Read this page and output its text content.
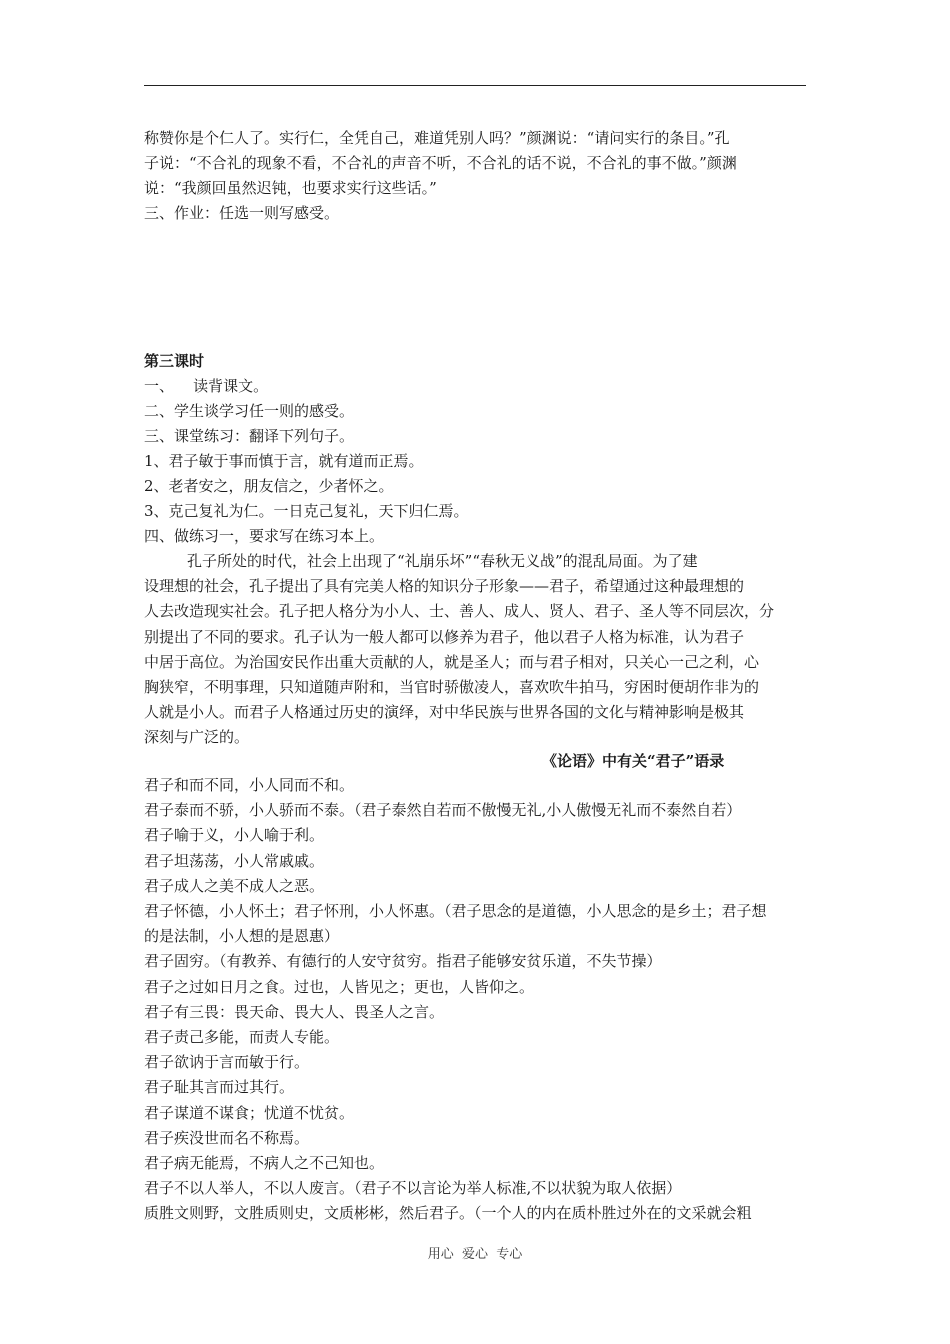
称赞你是个仁人了。实行仁，全凭自己，难道凭别人吗？”颜渊说：“请问实行的条目。”孔

子说：“不合礼的现象不看，不合礼的声音不听，不合礼的话不说，不合礼的事不做。”颜渊

说：“我颜回虽然迟钝，也要求实行这些话。”

三、作业：任选一则写感受。

第三课时

一、    读背课文。

二、学生谈学习任一则的感受。

三、课堂练习：翻译下列句子。

1、君子敏于事而慎于言，就有道而正焉。

2、老者安之，朋友信之，少者怀之。

3、克己复礼为仁。一日克己复礼，天下归仁焉。

四、做练习一，要求写在练习本上。

孔子所处的时代，社会上出现了“礼崩乐坏”“春秋无义战”的混乱局面。为了建

设理想的社会，孔子提出了具有完美人格的知识分子形象——君子，希望通过这种最理想的

人去改造现实社会。孔子把人格分为小人、士、善人、成人、贤人、君子、圣人等不同层次，分

别提出了不同的要求。孔子认为一般人都可以修养为君子，他以君子人格为标准，认为君子

中居于高位。为治国安民作出重大贡献的人，就是圣人；而与君子相对，只关心一己之利，心

胸狭窄，不明事理，只知道随声附和，当官时骄傲凌人，喜欢吹牛拍马，穷困时便胡作非为的

人就是小人。而君子人格通过历史的演绎，对中华民族与世界各国的文化与精神影响是极其

深刻与广泛的。

《论语》中有关“君子”语录

君子和而不同，小人同而不和。

君子泰而不骄，小人骄而不泰。（君子泰然自若而不傲慢无礼,小人傲慢无礼而不泰然自若）

君子喻于义，小人喻于利。

君子坦荡荡，小人常戚戚。

君子成人之美不成人之恶。

君子怀德，小人怀土；君子怀刑，小人怀惠。（君子思念的是道德，小人思念的是乡土；君子想

的是法制，小人想的是恩惠）

君子固穷。（有教养、有德行的人安守贫穷。指君子能够安贫乐道，不失节操）

君子之过如日月之食。过也，人皆见之；更也，人皆仰之。

君子有三畏：畏天命、畏大人、畏圣人之言。

君子责己多能，而责人专能。

君子欲讷于言而敏于行。

君子耻其言而过其行。

君子谋道不谋食；忧道不忧贫。

君子疾没世而名不称焉。

君子病无能焉，不病人之不己知也。

君子不以人举人，不以人废言。（君子不以言论为举人标准,不以状貌为取人依据）

质胜文则野，文胜质则史，文质彬彬，然后君子。（一个人的内在质朴胜过外在的文采就会粗

用心  爱心  专心
